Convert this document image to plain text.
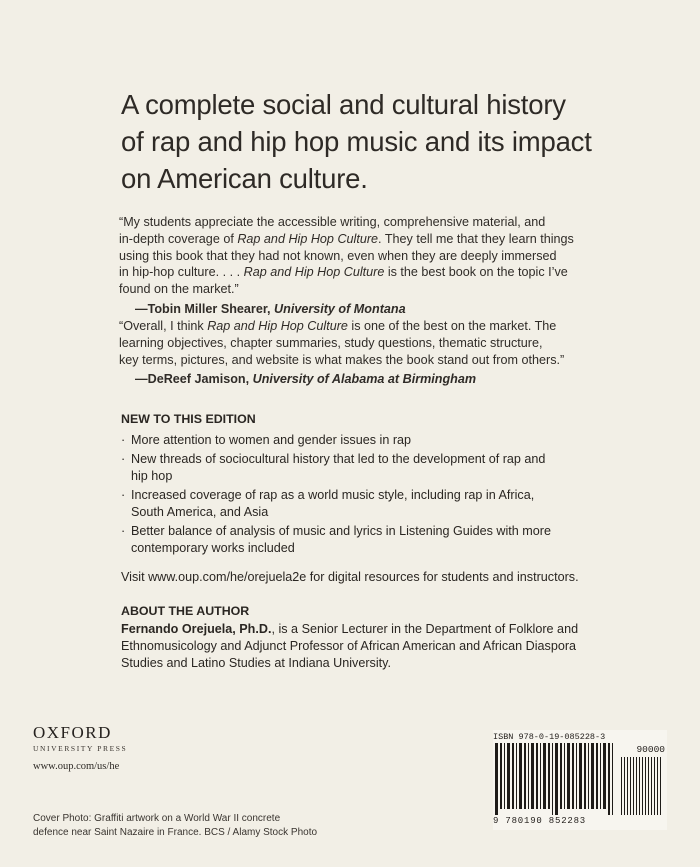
A complete social and cultural history
of rap and hip hop music and its impact
on American culture.
“My students appreciate the accessible writing, comprehensive material, and
in-depth coverage of Rap and Hip Hop Culture. They tell me that they learn things
using this book that they had not known, even when they are deeply immersed
in hip-hop culture. . . . Rap and Hip Hop Culture is the best book on the topic I’ve
found on the market.”
—Tobin Miller Shearer, University of Montana
“Overall, I think Rap and Hip Hop Culture is one of the best on the market. The
learning objectives, chapter summaries, study questions, thematic structure,
key terms, pictures, and website is what makes the book stand out from others.”
—DeReef Jamison, University of Alabama at Birmingham
NEW TO THIS EDITION
· More attention to women and gender issues in rap
· New threads of sociocultural history that led to the development of rap and
hip hop
· Increased coverage of rap as a world music style, including rap in Africa,
South America, and Asia
· Better balance of analysis of music and lyrics in Listening Guides with more
contemporary works included
Visit www.oup.com/he/orejuela2e for digital resources for students and instructors.
ABOUT THE AUTHOR
Fernando Orejuela, Ph.D., is a Senior Lecturer in the Department of Folklore and
Ethnomusicology and Adjunct Professor of African American and African Diaspora
Studies and Latino Studies at Indiana University.
OXFORD
UNIVERSITY PRESS
www.oup.com/us/he
Cover Photo: Graffiti artwork on a World War II concrete
defence near Saint Nazaire in France. BCS / Alamy Stock Photo
ISBN 978-0-19-085228-3
90000
9 780190 852283
